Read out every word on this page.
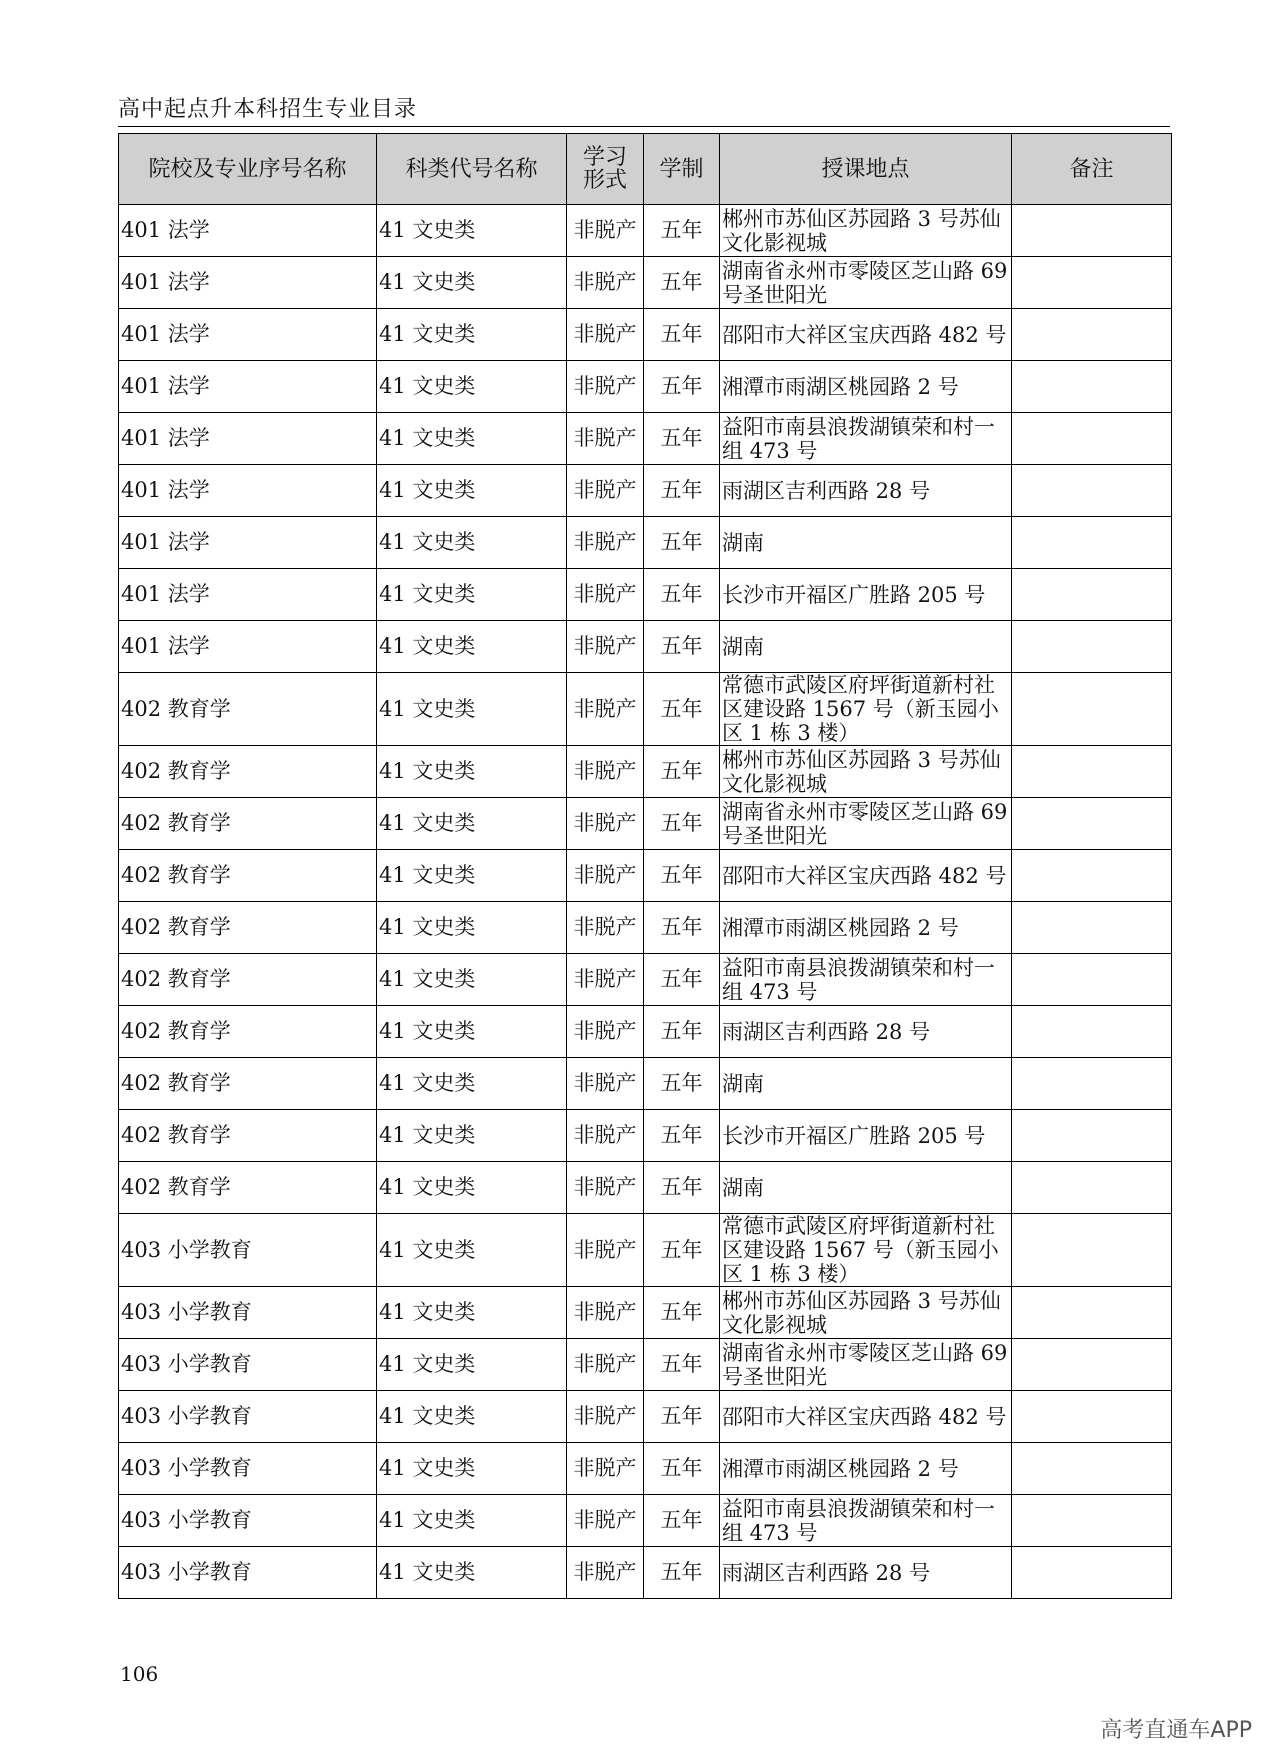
高中起点升本科招生专业目录
院校及专业序号名称	科类代号名称	学习形式	学制	授课地点	备注
401 法学	41 文史类	非脱产	五年	郴州市苏仙区苏园路 3 号苏仙文化影视城	
401 法学	41 文史类	非脱产	五年	湖南省永州市零陵区芝山路 69 号圣世阳光	
401 法学	41 文史类	非脱产	五年	邵阳市大祥区宝庆西路 482 号	
401 法学	41 文史类	非脱产	五年	湘潭市雨湖区桃园路 2 号	
401 法学	41 文史类	非脱产	五年	益阳市南县浪拨湖镇荣和村一组 473 号	
401 法学	41 文史类	非脱产	五年	雨湖区吉利西路 28 号	
401 法学	41 文史类	非脱产	五年	湖南	
401 法学	41 文史类	非脱产	五年	长沙市开福区广胜路 205 号	
401 法学	41 文史类	非脱产	五年	湖南	
402 教育学	41 文史类	非脱产	五年	常德市武陵区府坪街道新村社区建设路 1567 号（新玉园小区 1 栋 3 楼）	
402 教育学	41 文史类	非脱产	五年	郴州市苏仙区苏园路 3 号苏仙文化影视城	
402 教育学	41 文史类	非脱产	五年	湖南省永州市零陵区芝山路 69 号圣世阳光	
402 教育学	41 文史类	非脱产	五年	邵阳市大祥区宝庆西路 482 号	
402 教育学	41 文史类	非脱产	五年	湘潭市雨湖区桃园路 2 号	
402 教育学	41 文史类	非脱产	五年	益阳市南县浪拨湖镇荣和村一组 473 号	
402 教育学	41 文史类	非脱产	五年	雨湖区吉利西路 28 号	
402 教育学	41 文史类	非脱产	五年	湖南	
402 教育学	41 文史类	非脱产	五年	长沙市开福区广胜路 205 号	
402 教育学	41 文史类	非脱产	五年	湖南	
403 小学教育	41 文史类	非脱产	五年	常德市武陵区府坪街道新村社区建设路 1567 号（新玉园小区 1 栋 3 楼）	
403 小学教育	41 文史类	非脱产	五年	郴州市苏仙区苏园路 3 号苏仙文化影视城	
403 小学教育	41 文史类	非脱产	五年	湖南省永州市零陵区芝山路 69 号圣世阳光	
403 小学教育	41 文史类	非脱产	五年	邵阳市大祥区宝庆西路 482 号	
403 小学教育	41 文史类	非脱产	五年	湘潭市雨湖区桃园路 2 号	
403 小学教育	41 文史类	非脱产	五年	益阳市南县浪拨湖镇荣和村一组 473 号	
403 小学教育	41 文史类	非脱产	五年	雨湖区吉利西路 28 号	
106
高考直通车APP
